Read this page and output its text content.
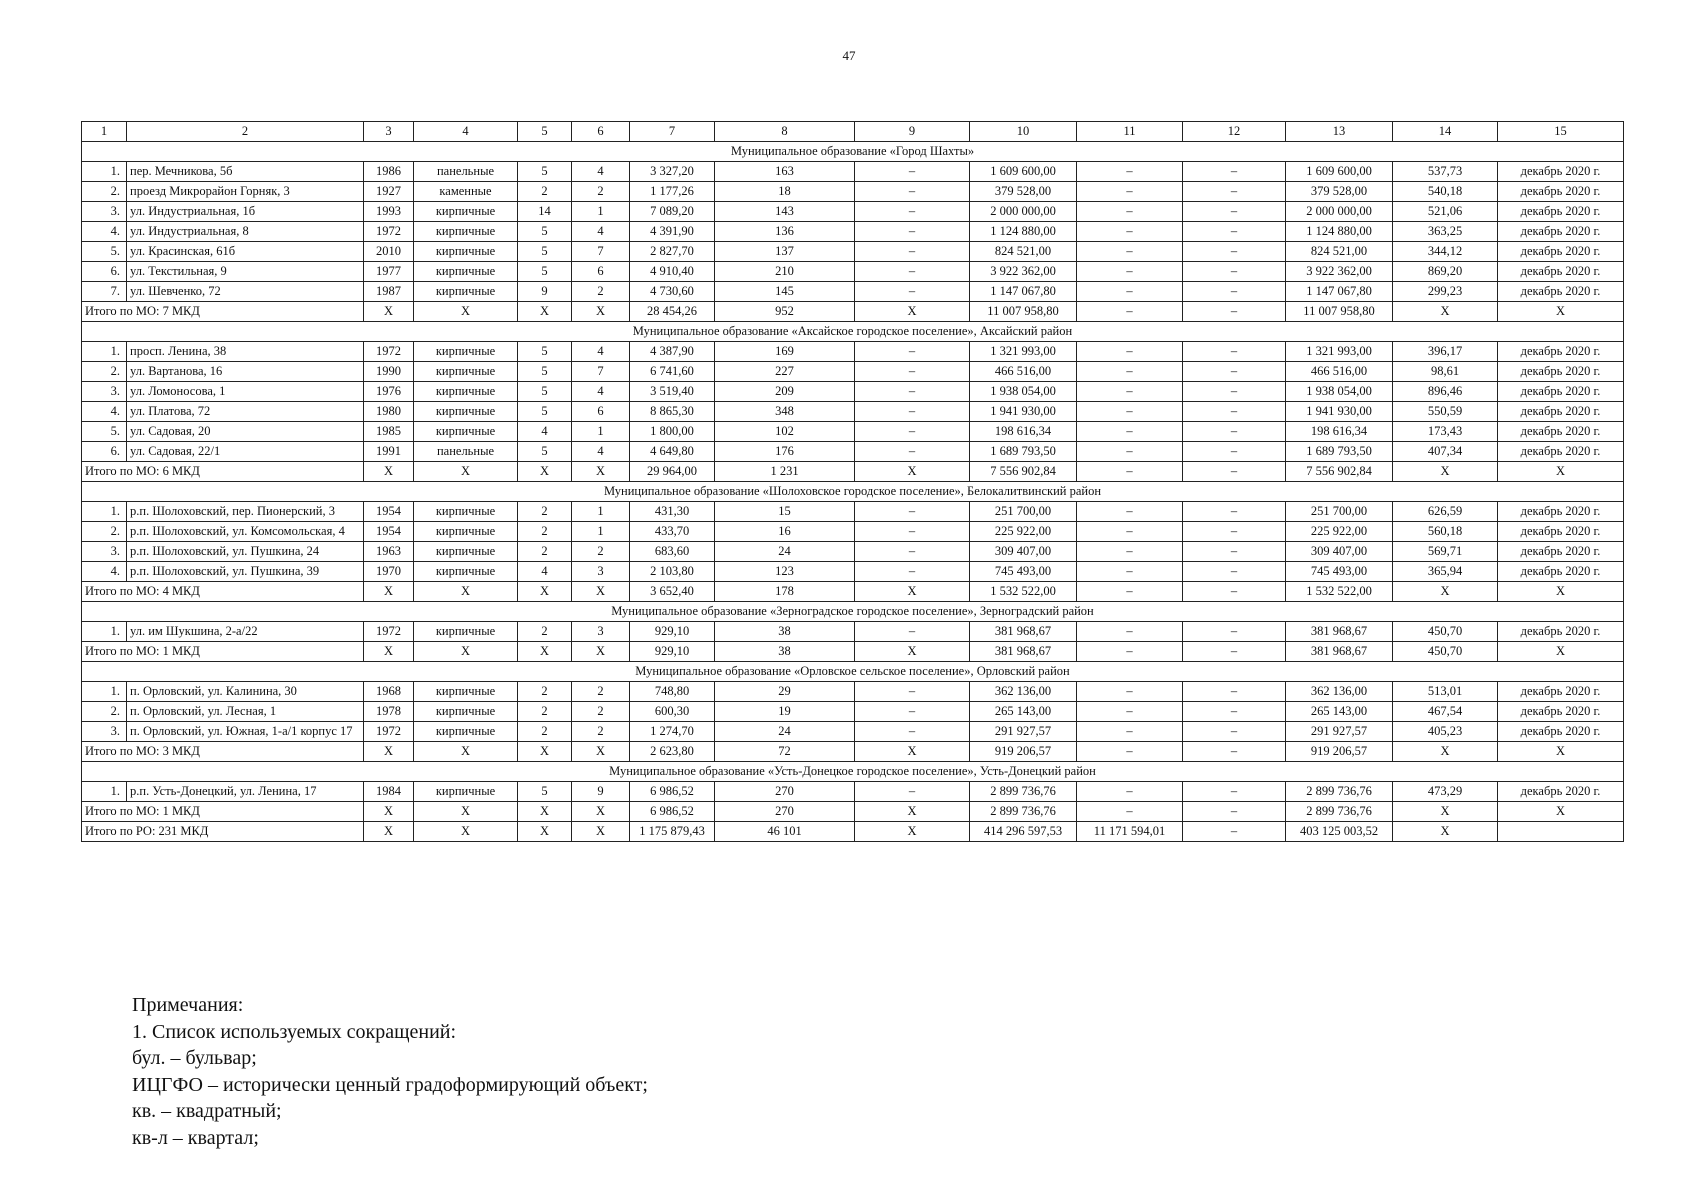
47
1	2	3	4	5	6	7	8	9	10	11	12	13	14	15
Муниципальное образование «Город Шахты»														
1.	пер. Мечникова, 5б	1986	панельные	5	4	3 327,20	163	–	1 609 600,00	–	–	1 609 600,00	537,73	декабрь 2020 г.
2.	проезд Микрорайон Горняк, 3	1927	каменные	2	2	1 177,26	18	–	379 528,00	–	–	379 528,00	540,18	декабрь 2020 г.
3.	ул. Индустриальная, 1б	1993	кирпичные	14	1	7 089,20	143	–	2 000 000,00	–	–	2 000 000,00	521,06	декабрь 2020 г.
4.	ул. Индустриальная, 8	1972	кирпичные	5	4	4 391,90	136	–	1 124 880,00	–	–	1 124 880,00	363,25	декабрь 2020 г.
5.	ул. Красинская, 61б	2010	кирпичные	5	7	2 827,70	137	–	824 521,00	–	–	824 521,00	344,12	декабрь 2020 г.
6.	ул. Текстильная, 9	1977	кирпичные	5	6	4 910,40	210	–	3 922 362,00	–	–	3 922 362,00	869,20	декабрь 2020 г.
7.	ул. Шевченко, 72	1987	кирпичные	9	2	4 730,60	145	–	1 147 067,80	–	–	1 147 067,80	299,23	декабрь 2020 г.
Итого по МО: 7 МКД		X	X	X	X	28 454,26	952	X	11 007 958,80	–	–	11 007 958,80	X	X
Муниципальное образование «Аксайское городское поселение», Аксайский район														
1.	просп. Ленина, 38	1972	кирпичные	5	4	4 387,90	169	–	1 321 993,00	–	–	1 321 993,00	396,17	декабрь 2020 г.
2.	ул. Вартанова, 16	1990	кирпичные	5	7	6 741,60	227	–	466 516,00	–	–	466 516,00	98,61	декабрь 2020 г.
3.	ул. Ломоносова, 1	1976	кирпичные	5	4	3 519,40	209	–	1 938 054,00	–	–	1 938 054,00	896,46	декабрь 2020 г.
4.	ул. Платова, 72	1980	кирпичные	5	6	8 865,30	348	–	1 941 930,00	–	–	1 941 930,00	550,59	декабрь 2020 г.
5.	ул. Садовая, 20	1985	кирпичные	4	1	1 800,00	102	–	198 616,34	–	–	198 616,34	173,43	декабрь 2020 г.
6.	ул. Садовая, 22/1	1991	панельные	5	4	4 649,80	176	–	1 689 793,50	–	–	1 689 793,50	407,34	декабрь 2020 г.
Итого по МО: 6 МКД		X	X	X	X	29 964,00	1 231	X	7 556 902,84	–	–	7 556 902,84	X	X
Муниципальное образование «Шолоховское городское поселение», Белокалитвинский район														
1.	р.п. Шолоховский, пер. Пионерский, 3	1954	кирпичные	2	1	431,30	15	–	251 700,00	–	–	251 700,00	626,59	декабрь 2020 г.
2.	р.п. Шолоховский, ул. Комсомольская, 4	1954	кирпичные	2	1	433,70	16	–	225 922,00	–	–	225 922,00	560,18	декабрь 2020 г.
3.	р.п. Шолоховский, ул. Пушкина, 24	1963	кирпичные	2	2	683,60	24	–	309 407,00	–	–	309 407,00	569,71	декабрь 2020 г.
4.	р.п. Шолоховский, ул. Пушкина, 39	1970	кирпичные	4	3	2 103,80	123	–	745 493,00	–	–	745 493,00	365,94	декабрь 2020 г.
Итого по МО: 4 МКД		X	X	X	X	3 652,40	178	X	1 532 522,00	–	–	1 532 522,00	X	X
Муниципальное образование «Зерноградское городское поселение», Зерноградский район														
1.	ул. им Шукшина, 2-а/22	1972	кирпичные	2	3	929,10	38	–	381 968,67	–	–	381 968,67	450,70	декабрь 2020 г.
Итого по МО: 1 МКД		X	X	X	X	929,10	38	X	381 968,67	–	–	381 968,67	450,70	X
Муниципальное образование «Орловское сельское поселение», Орловский район														
1.	п. Орловский, ул. Калинина, 30	1968	кирпичные	2	2	748,80	29	–	362 136,00	–	–	362 136,00	513,01	декабрь 2020 г.
2.	п. Орловский, ул. Лесная, 1	1978	кирпичные	2	2	600,30	19	–	265 143,00	–	–	265 143,00	467,54	декабрь 2020 г.
3.	п. Орловский, ул. Южная, 1-а/1 корпус 17	1972	кирпичные	2	2	1 274,70	24	–	291 927,57	–	–	291 927,57	405,23	декабрь 2020 г.
Итого по МО: 3 МКД		X	X	X	X	2 623,80	72	X	919 206,57	–	–	919 206,57	X	X
Муниципальное образование «Усть-Донецкое городское поселение», Усть-Донецкий район														
1.	р.п. Усть-Донецкий, ул. Ленина, 17	1984	кирпичные	5	9	6 986,52	270	–	2 899 736,76	–	–	2 899 736,76	473,29	декабрь 2020 г.
Итого по МО: 1 МКД		X	X	X	X	6 986,52	270	X	2 899 736,76	–	–	2 899 736,76	X	X
Итого по РО: 231 МКД		X	X	X	X	1 175 879,43	46 101	X	414 296 597,53	11 171 594,01	–	403 125 003,52	X	
Примечания:
1. Список используемых сокращений:
бул. – бульвар;
ИЦГФО – исторически ценный градоформирующий объект;
кв. – квадратный;
кв-л – квартал;
